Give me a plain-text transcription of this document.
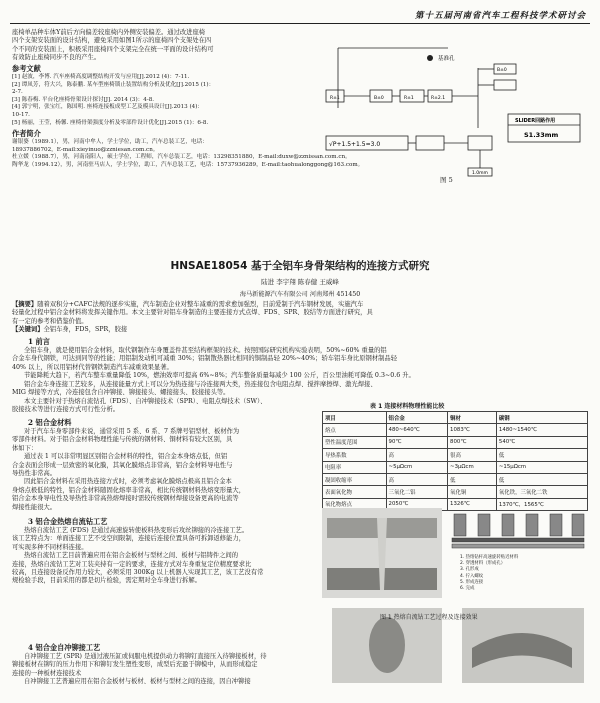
第十五届河南省汽车工程科技学术研讨会
座椅单品种车体Y前后方向偏差较座椅内外侧安装偏差。通过改进座椅
四个支架安装面的设计结构，避免采用如图1所示的座椅四个支架处在四
个不同的安装面上，积极采用座椅四个支架完全在统一平面的设计结构可
有效防止座椅同步不良的产生。
参考文献
[1] 赵波，李博. 汽车座椅高度调整结构开发与应用[J].2012 (4)：7-11.
[2] 谭凤芳，符大兴，陈泰鹏. 某车型座椅锁止装置结构分析及优化[J].2015 (1)：
2-7.
[3] 陈春梅. 平台化座椅骨架设计探讨[J]. 2014 (3)：4-8.
[4] 郭宁明，张宝红，陈国明. 座椅连接板成型工艺及模具设计[J].2013 (4)：
10-17.
[5] 杨丽，王莹，杨馨. 座椅骨架强度分析及零部件设计优化[J].2015 (1)：6-8.
作者简介
谢银婆（1989.1），男，河南中牟人，学士学位，助工，汽车总装工艺，电话：
18937886702，E-mail:xieyinuo@zzniesan.com.cn。
杜立媛（1988.7），男，河南南阳人，硕士学位，工程师，汽车总装工艺，电话：13298351880，E-mail:duxw@zznissan.com.cn。
陶华龙（1994.12），男，河南驻马店人，学士学位，助工，汽车总装工艺，电话：15737936289，E-mail:taohualonggong@163.com。
基准孔
R±1	B±0	R±1	R±2.1
B±0
SLIDER回路作用
S1.33mm
√P+1.5+1.5=3.0
1.0mm
图 5
HNSAE18054 基于全铝车身骨架结构的连接方式研究
陆进 李宇翔 陈春健 王威峰
海马新能源汽车有限公司 河南郑州 451450
【摘要】随着双积分+CAFC法规的逐步实施，汽车制造企业对整车减重的需求愈加强烈，目前爱制于汽车钢材发展，实施汽车
轻量化过程中铝合金材料将发挥关键作用。本文主要针对铝车身制造的主要连接方式点焊、FDS、SPR、胶结等方面进行研究，具
有一定的参考和借鉴价值。
【关键词】全铝车身，FDS，SPR，胶接
1 前言
全铝车身，就是使用铝合金材料，取代钢制作车身覆盖件甚至结构框架的技术。按照国际研究机构实验表明，50%~60% 重量的铝
合金车身代钢铁，可达到同等的性能；用铝制发动机可减重 30%；铝制散热器比相同的铜制品轻 20%~40%；轿车铝车身比原钢材制品轻
40% 以上，所以用铝材代替钢铁制造汽车减重效果显著。
节能降耗大趋下，若汽车整车重量降低 10%，燃油效率可提高 6%~8%；汽车整备质量每减少 100 公斤，百公里油耗可降低 0.3~0.6 升。
铝合金车身连接工艺较多，从连接能量方式上可以分为热连接与冷连接两大类，热连接包含电阻点焊、搅拌摩擦焊、激光焊接、
MIG 焊接等方式，冷连接包含自冲铆接、铆接接头、螺接接头、胶接接头等。
本文主要针对于热熔自流钻孔（FDS）、自冲铆接技术（SPR）、电阻点焊技术（SW）、
胶接技术等进行连接方式可行性分析。
2 铝合金材料
对于汽车车身零部件来说，通常采用 5 系、6 系、7 系牌号铝型材、板材作为
零部件材料。对于铝合金材料物理性能与传统的钢材料、铜材料有较大区别，具
体如下：
通过表 1 可以非常明显区别铝合金材料的特性，铝合金本身熔点低，但铝
合金表面会形成一层致密的氧化膜，其氧化膜熔点非常高，铝合金材料导电性与
导热性非常高。
因此铝合金材料在采用热连接方式时，必须考虑氧化膜熔点极高且铝合金本
身熔点极低的特性，铝合金材料随固化熔率非常高，相比传统钢材料热熔变形量大，
铝合金本身导电性及导热性非常高热熔焊接时需较传统钢材焊接设备更高的电流等
焊接性能很大。
3 铝合金热熔自流钻工艺
热熔自流钻工艺 (FDS) 是通过高速旋转使板料热变形后攻丝铆接的冷连接工艺。
该工艺特点为：单面连接工艺不受空间限制，连接后连接位置具备可拆卸返修能力，
可实现多种不同材料连接。
热熔自流钻工艺目前普遍应用在铝合金板材与型材之间、板材与铝铸件之间的
连接，热熔自流钻工艺对工装夹持有一定的要求，连接方式对车身重复定位精度要求比
较高，且连接设备反作用力较大，必须采用 300Kg 以上机器人实现其工艺，该工艺没有常
规检验手段，目前采用的都是切片检验，需定期对全车身进行拆解。
4 铝合金自冲铆接工艺
自冲铆接工艺 (SPR) 是通过液压缸或伺服电机提供动力将铆钉直接压入待铆接板材，待
铆接板材在铆钉的压力作用下和铆钉发生塑性变形，成型后充盈于铆模中，从而形成稳定
连接的一种板材连接技术
自冲铆接工艺普遍应用在铝合金板材与板材、板材与型材之间的连接，因自冲铆接
表 1 连接材料物理性能比较
项目	铝合金	铜材	碳钢
熔点	480~640℃	1083℃	1480~1540℃
塑性温度范围	90℃	800℃	540℃
导热系数	高	很高	低
电阻率	~5μΩcm	~3μΩcm	~15μΩcm
凝固收缩率	高	低	低
表面氧化物	三氧化二铝	氧化铜	氧化铁，三氧化二铁
氧化物熔点	2050℃	1326℃	1370℃，1565℃
1. 热熔钻杆高速旋转贴近材料
2. 穿透材料（形成孔）
3. 孔形成
4. 拧入螺纹
5. 形成连接
6. 完成
图 1 热熔自流钻工艺过程及连接效果
